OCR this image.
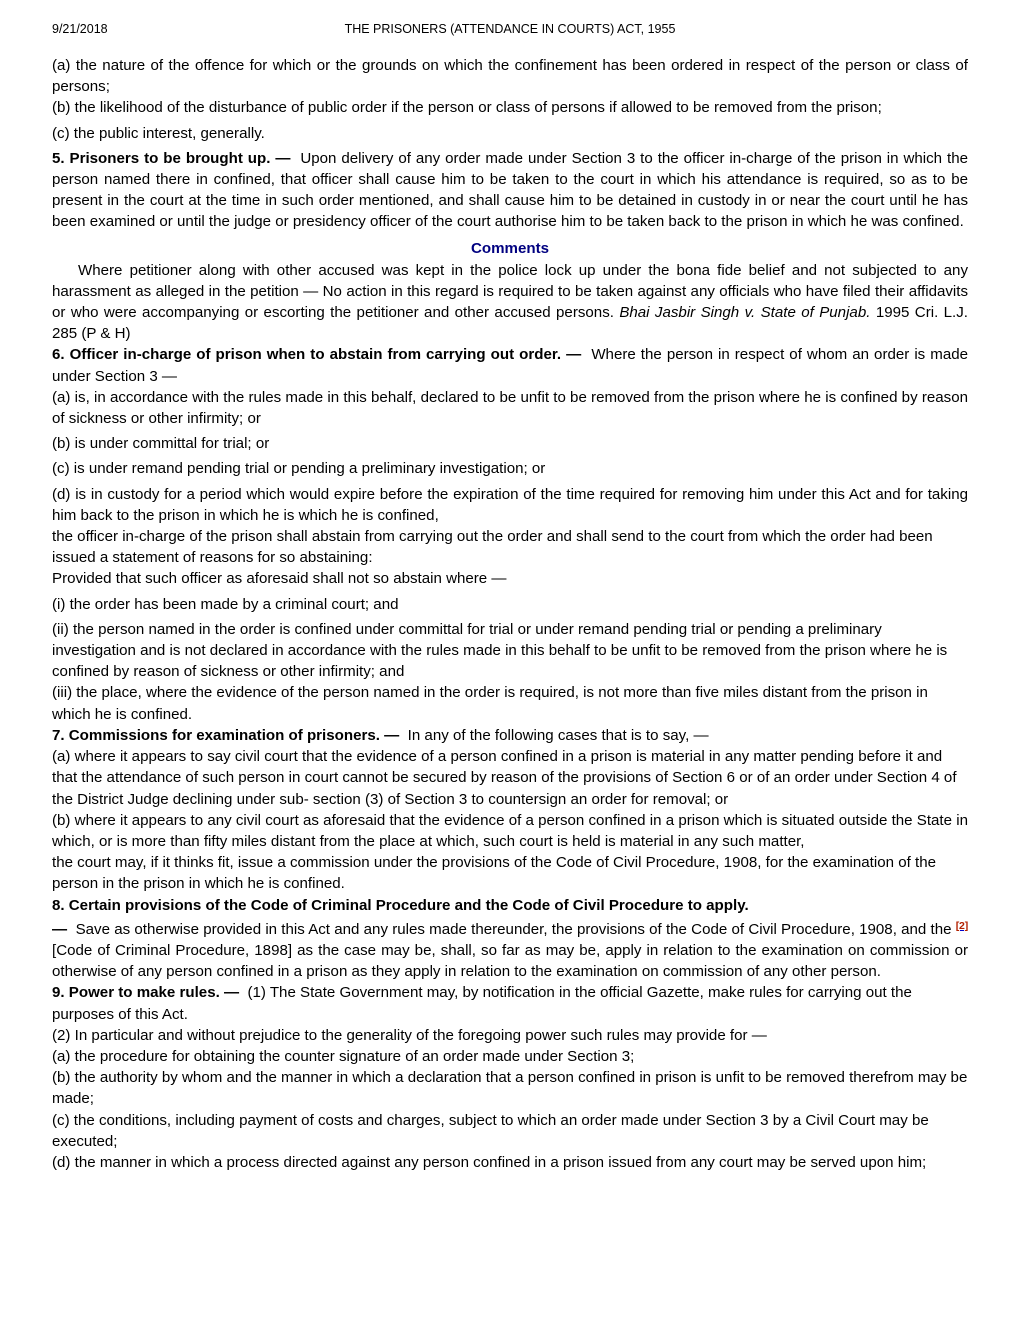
9/21/2018	THE PRISONERS (ATTENDANCE IN COURTS) ACT, 1955

(a) the nature of the offence for which or the grounds on which the confinement has been ordered in respect of the person or class of persons;

(b) the likelihood of the disturbance of public order if the person or class of persons if allowed to be removed from the prison;

(c) the public interest, generally.

5. Prisoners to be brought up. — Upon delivery of any order made under Section 3 to the officer in-charge of the prison in which the person named there in confined, that officer shall cause him to be taken to the court in which his attendance is required, so as to be present in the court at the time in such order mentioned, and shall cause him to be detained in custody in or near the court until he has been examined or until the judge or presidency officer of the court authorise him to be taken back to the prison in which he was confined.

Comments

Where petitioner along with other accused was kept in the police lock up under the bona fide belief and not subjected to any harassment as alleged in the petition — No action in this regard is required to be taken against any officials who have filed their affidavits or who were accompanying or escorting the petitioner and other accused persons. Bhai Jasbir Singh v. State of Punjab. 1995 Cri. L.J. 285 (P & H)

6. Officer in-charge of prison when to abstain from carrying out order. — Where the person in respect of whom an order is made under Section 3 —

(a) is, in accordance with the rules made in this behalf, declared to be unfit to be removed from the prison where he is confined by reason of sickness or other infirmity; or

(b) is under committal for trial; or

(c) is under remand pending trial or pending a preliminary investigation; or

(d) is in custody for a period which would expire before the expiration of the time required for removing him under this Act and for taking him back to the prison in which he is which he is confined,

the officer in-charge of the prison shall abstain from carrying out the order and shall send to the court from which the order had been issued a statement of reasons for so abstaining:

Provided that such officer as aforesaid shall not so abstain where —

(i) the order has been made by a criminal court; and

(ii) the person named in the order is confined under committal for trial or under remand pending trial or pending a preliminary investigation and is not declared in accordance with the rules made in this behalf to be unfit to be removed from the prison where he is confined by reason of sickness or other infirmity; and

(iii) the place, where the evidence of the person named in the order is required, is not more than five miles distant from the prison in which he is confined.

7. Commissions for examination of prisoners. — In any of the following cases that is to say, —

(a) where it appears to say civil court that the evidence of a person confined in a prison is material in any matter pending before it and that the attendance of such person in court cannot be secured by reason of the provisions of Section 6 or of an order under Section 4 of the District Judge declining under sub- section (3) of Section 3 to countersign an order for removal; or

(b) where it appears to any civil court as aforesaid that the evidence of a person confined in a prison which is situated outside the State in which, or is more than fifty miles distant from the place at which, such court is held is material in any such matter,

the court may, if it thinks fit, issue a commission under the provisions of the Code of Civil Procedure, 1908, for the examination of the person in the prison in which he is confined.

8. Certain provisions of the Code of Criminal Procedure and the Code of Civil Procedure to apply.

— Save as otherwise provided in this Act and any rules made thereunder, the provisions of the Code of Civil Procedure, 1908, and the [2][Code of Criminal Procedure, 1898] as the case may be, shall, so far as may be, apply in relation to the examination on commission or otherwise of any person confined in a prison as they apply in relation to the examination on commission of any other person.

9. Power to make rules. — (1) The State Government may, by notification in the official Gazette, make rules for carrying out the purposes of this Act.

(2) In particular and without prejudice to the generality of the foregoing power such rules may provide for —

(a) the procedure for obtaining the counter signature of an order made under Section 3;

(b) the authority by whom and the manner in which a declaration that a person confined in prison is unfit to be removed therefrom may be made;

(c) the conditions, including payment of costs and charges, subject to which an order made under Section 3 by a Civil Court may be executed;

(d) the manner in which a process directed against any person confined in a prison issued from any court may be served upon him;
